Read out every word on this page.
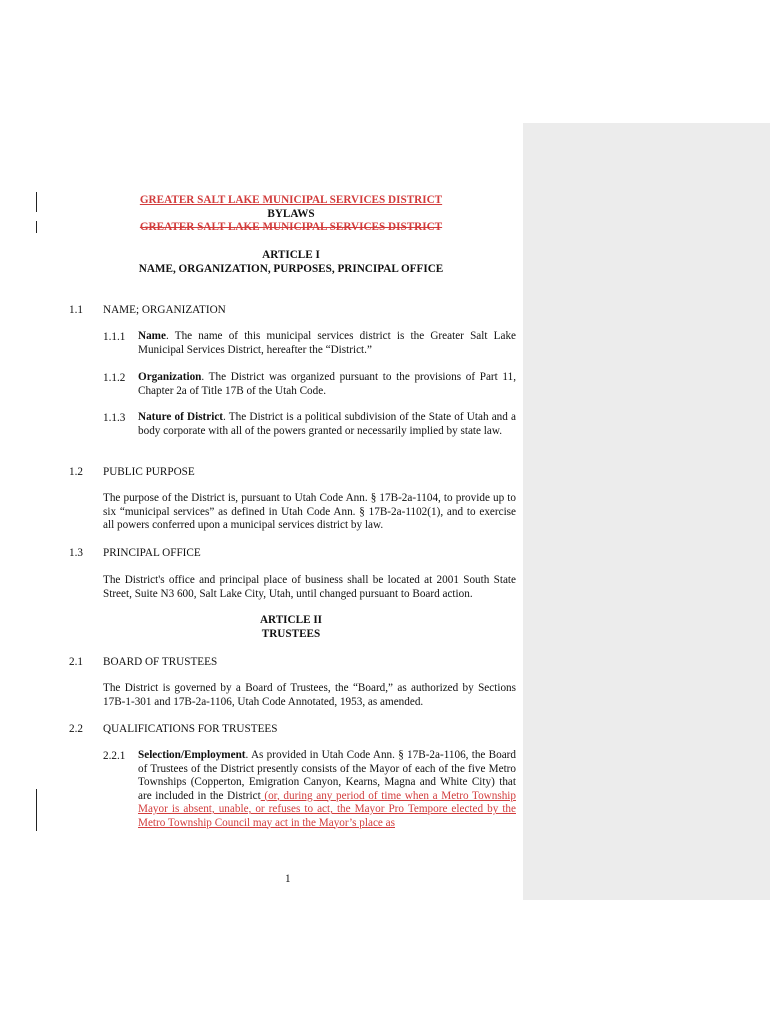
GREATER SALT LAKE MUNICIPAL SERVICES DISTRICT
BYLAWS
GREATER SALT LAKE MUNICIPAL SERVICES DISTRICT
ARTICLE I
NAME, ORGANIZATION, PURPOSES, PRINCIPAL OFFICE
1.1 NAME; ORGANIZATION
1.1.1 Name. The name of this municipal services district is the Greater Salt Lake Municipal Services District, hereafter the “District.”
1.1.2 Organization. The District was organized pursuant to the provisions of Part 11, Chapter 2a of Title 17B of the Utah Code.
1.1.3 Nature of District. The District is a political subdivision of the State of Utah and a body corporate with all of the powers granted or necessarily implied by state law.
1.2 PUBLIC PURPOSE
The purpose of the District is, pursuant to Utah Code Ann. § 17B-2a-1104, to provide up to six “municipal services” as defined in Utah Code Ann. § 17B-2a-1102(1), and to exercise all powers conferred upon a municipal services district by law.
1.3 PRINCIPAL OFFICE
The District's office and principal place of business shall be located at 2001 South State Street, Suite N3 600, Salt Lake City, Utah, until changed pursuant to Board action.
ARTICLE II
TRUSTEES
2.1 BOARD OF TRUSTEES
The District is governed by a Board of Trustees, the “Board,” as authorized by Sections 17B-1-301 and 17B-2a-1106, Utah Code Annotated, 1953, as amended.
2.2 QUALIFICATIONS FOR TRUSTEES
2.2.1 Selection/Employment. As provided in Utah Code Ann. § 17B-2a-1106, the Board of Trustees of the District presently consists of the Mayor of each of the five Metro Townships (Copperton, Emigration Canyon, Kearns, Magna and White City) that are included in the District (or, during any period of time when a Metro Township Mayor is absent, unable, or refuses to act, the Mayor Pro Tempore elected by the Metro Township Council may act in the Mayor’s place as
1
